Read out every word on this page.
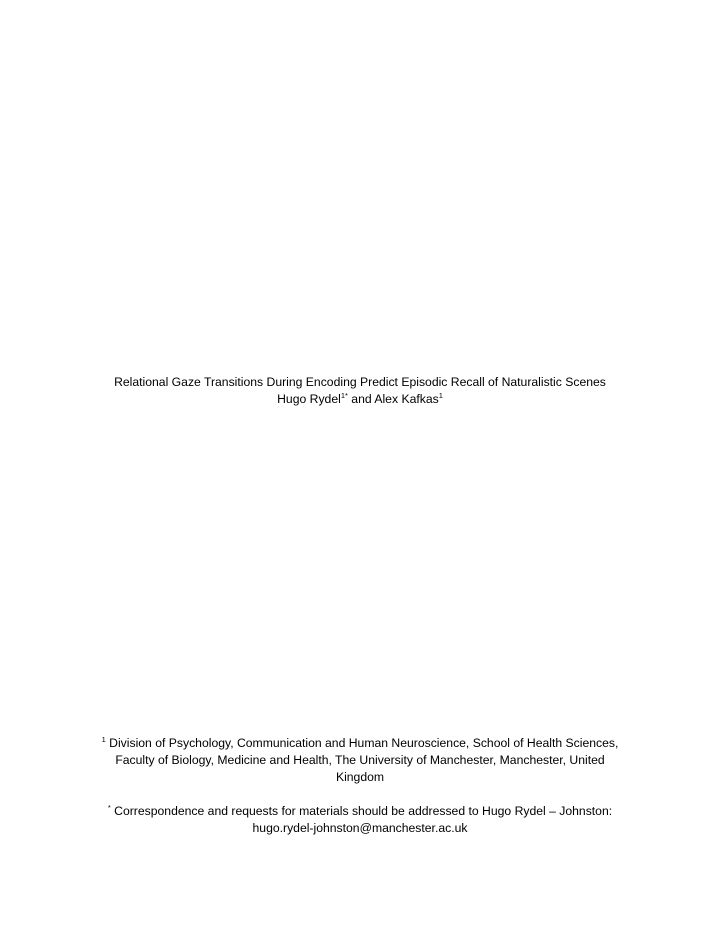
Relational Gaze Transitions During Encoding Predict Episodic Recall of Naturalistic Scenes
Hugo Rydel$^{1*}$ and Alex Kafkas$^1$
$^1$ Division of Psychology, Communication and Human Neuroscience, School of Health Sciences,
Faculty of Biology, Medicine and Health, The University of Manchester, Manchester, United
Kingdom
* Correspondence and requests for materials should be addressed to Hugo Rydel – Johnston:
hugo.rydel-johnston@manchester.ac.uk
